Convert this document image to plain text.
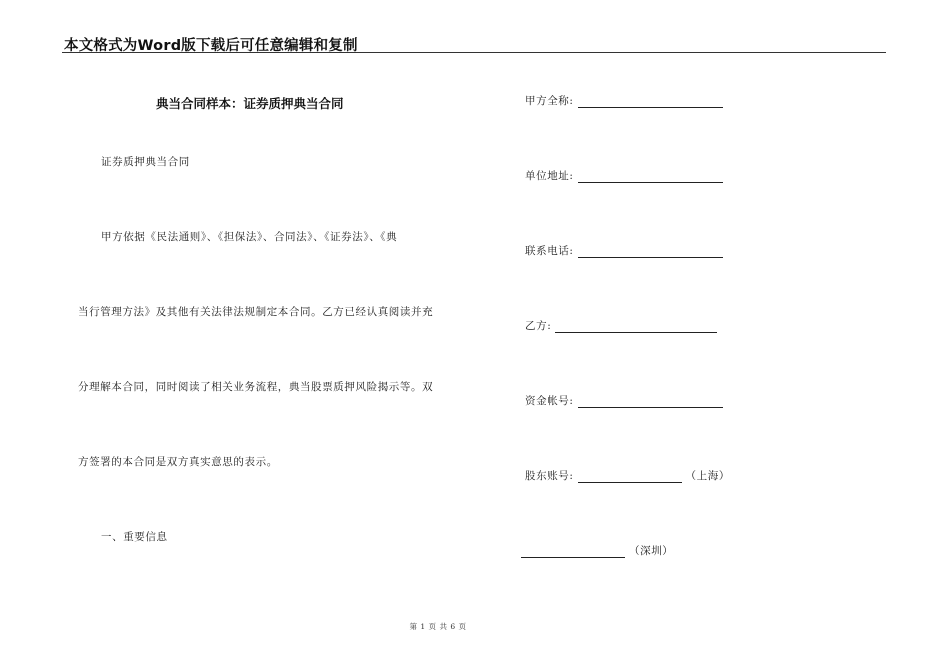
本文格式为Word版下载后可任意编辑和复制
典当合同样本：证券质押典当合同
证券质押典当合同
甲方依据《民法通则》、《担保法》、合同法》、《证券法》、《典
当行管理方法》及其他有关法律法规制定本合同。乙方已经认真阅读并充
分理解本合同，同时阅读了相关业务流程，典当股票质押风险揭示等。双
方签署的本合同是双方真实意思的表示。
一、重要信息
甲方全称:
单位地址:
联系电话:
乙方:
资金帐号:
股东账号:	（上海）
（深圳）
第 1 页 共 6 页
